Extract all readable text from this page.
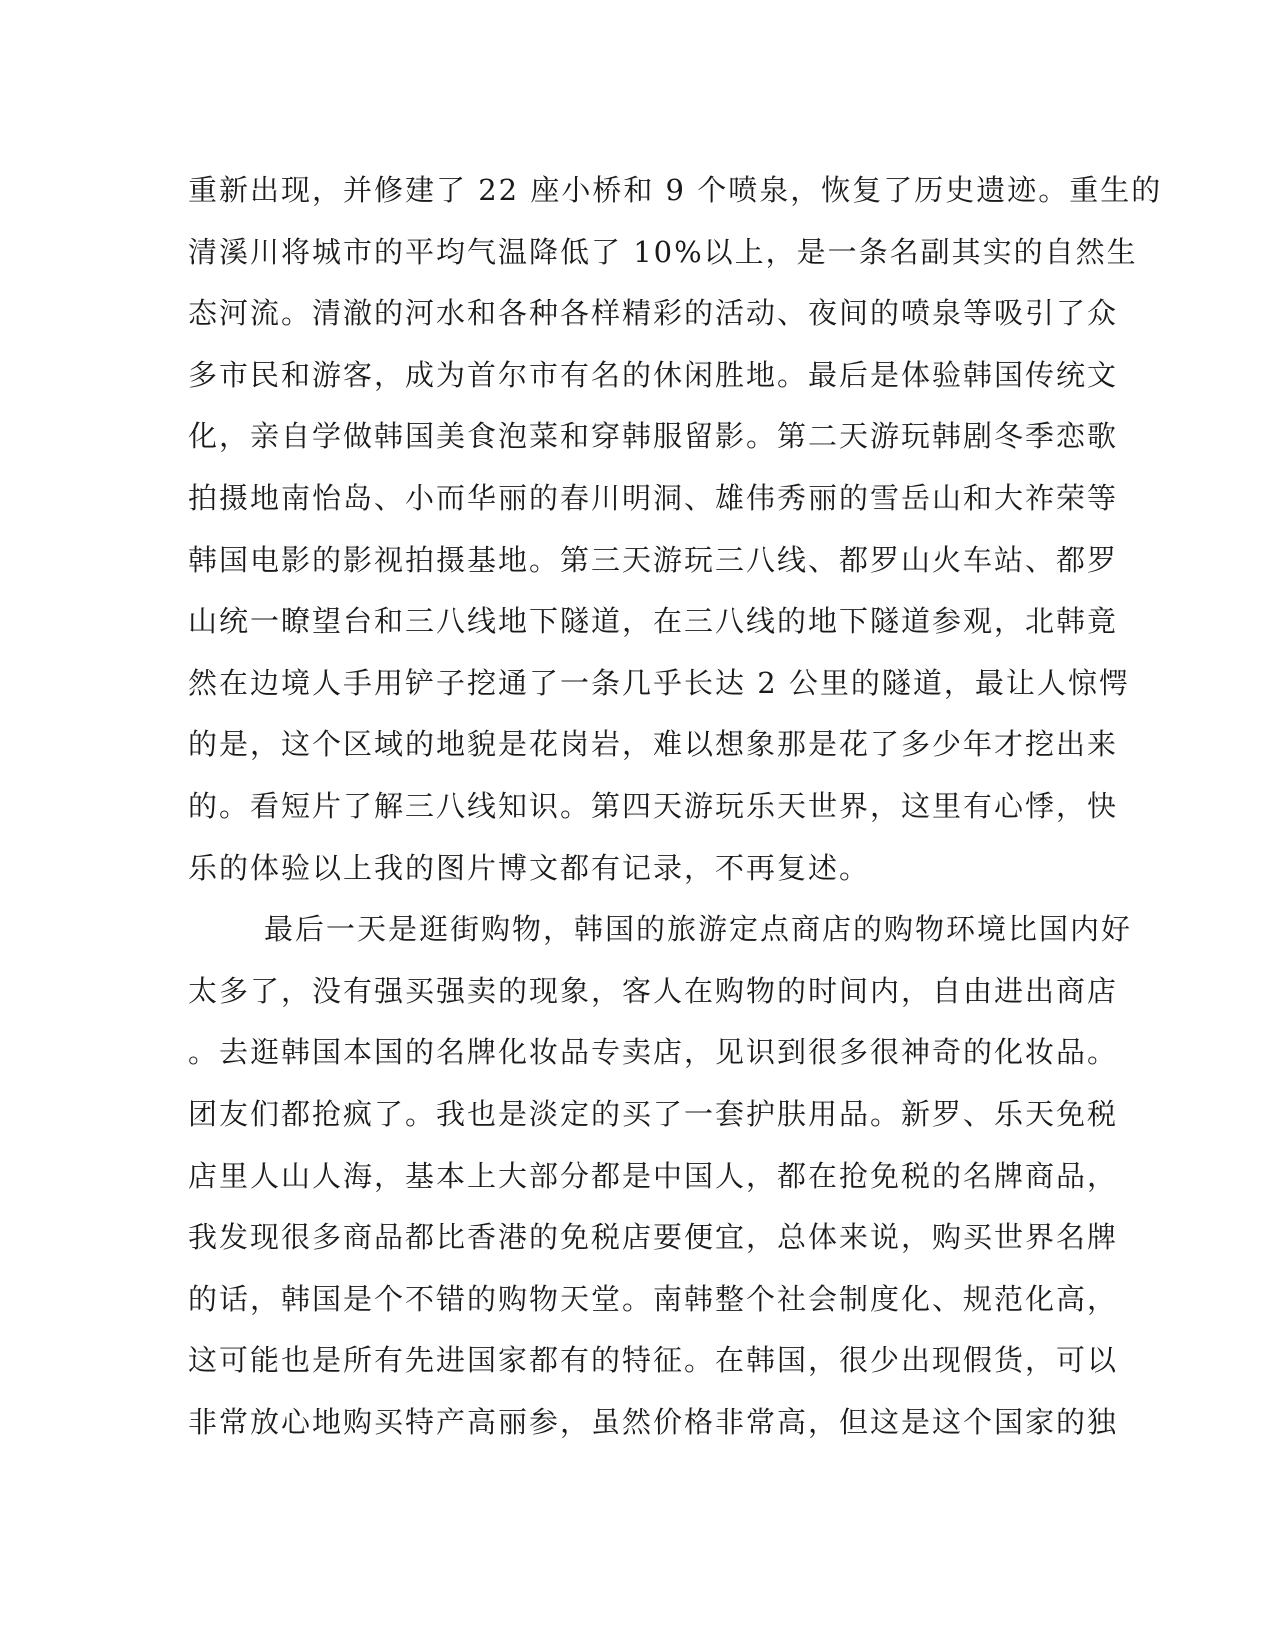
重新出现，并修建了 22 座小桥和 9 个喷泉，恢复了历史遗迹。重生的
清溪川将城市的平均气温降低了 10%以上，是一条名副其实的自然生
态河流。清澈的河水和各种各样精彩的活动、夜间的喷泉等吸引了众
多市民和游客，成为首尔市有名的休闲胜地。最后是体验韩国传统文
化，亲自学做韩国美食泡菜和穿韩服留影。第二天游玩韩剧冬季恋歌
拍摄地南怡岛、小而华丽的春川明洞、雄伟秀丽的雪岳山和大祚荣等
韩国电影的影视拍摄基地。第三天游玩三八线、都罗山火车站、都罗
山统一瞭望台和三八线地下隧道，在三八线的地下隧道参观，北韩竟
然在边境人手用铲子挖通了一条几乎长达 2 公里的隧道，最让人惊愕
的是，这个区域的地貌是花岗岩，难以想象那是花了多少年才挖出来
的。看短片了解三八线知识。第四天游玩乐天世界，这里有心悸，快
乐的体验以上我的图片博文都有记录，不再复述。
最后一天是逛街购物，韩国的旅游定点商店的购物环境比国内好
太多了，没有强买强卖的现象，客人在购物的时间内，自由进出商店
。去逛韩国本国的名牌化妆品专卖店，见识到很多很神奇的化妆品。
团友们都抢疯了。我也是淡定的买了一套护肤用品。新罗、乐天免税
店里人山人海，基本上大部分都是中国人，都在抢免税的名牌商品，
我发现很多商品都比香港的免税店要便宜，总体来说，购买世界名牌
的话，韩国是个不错的购物天堂。南韩整个社会制度化、规范化高，
这可能也是所有先进国家都有的特征。在韩国，很少出现假货，可以
非常放心地购买特产高丽参，虽然价格非常高，但这是这个国家的独
